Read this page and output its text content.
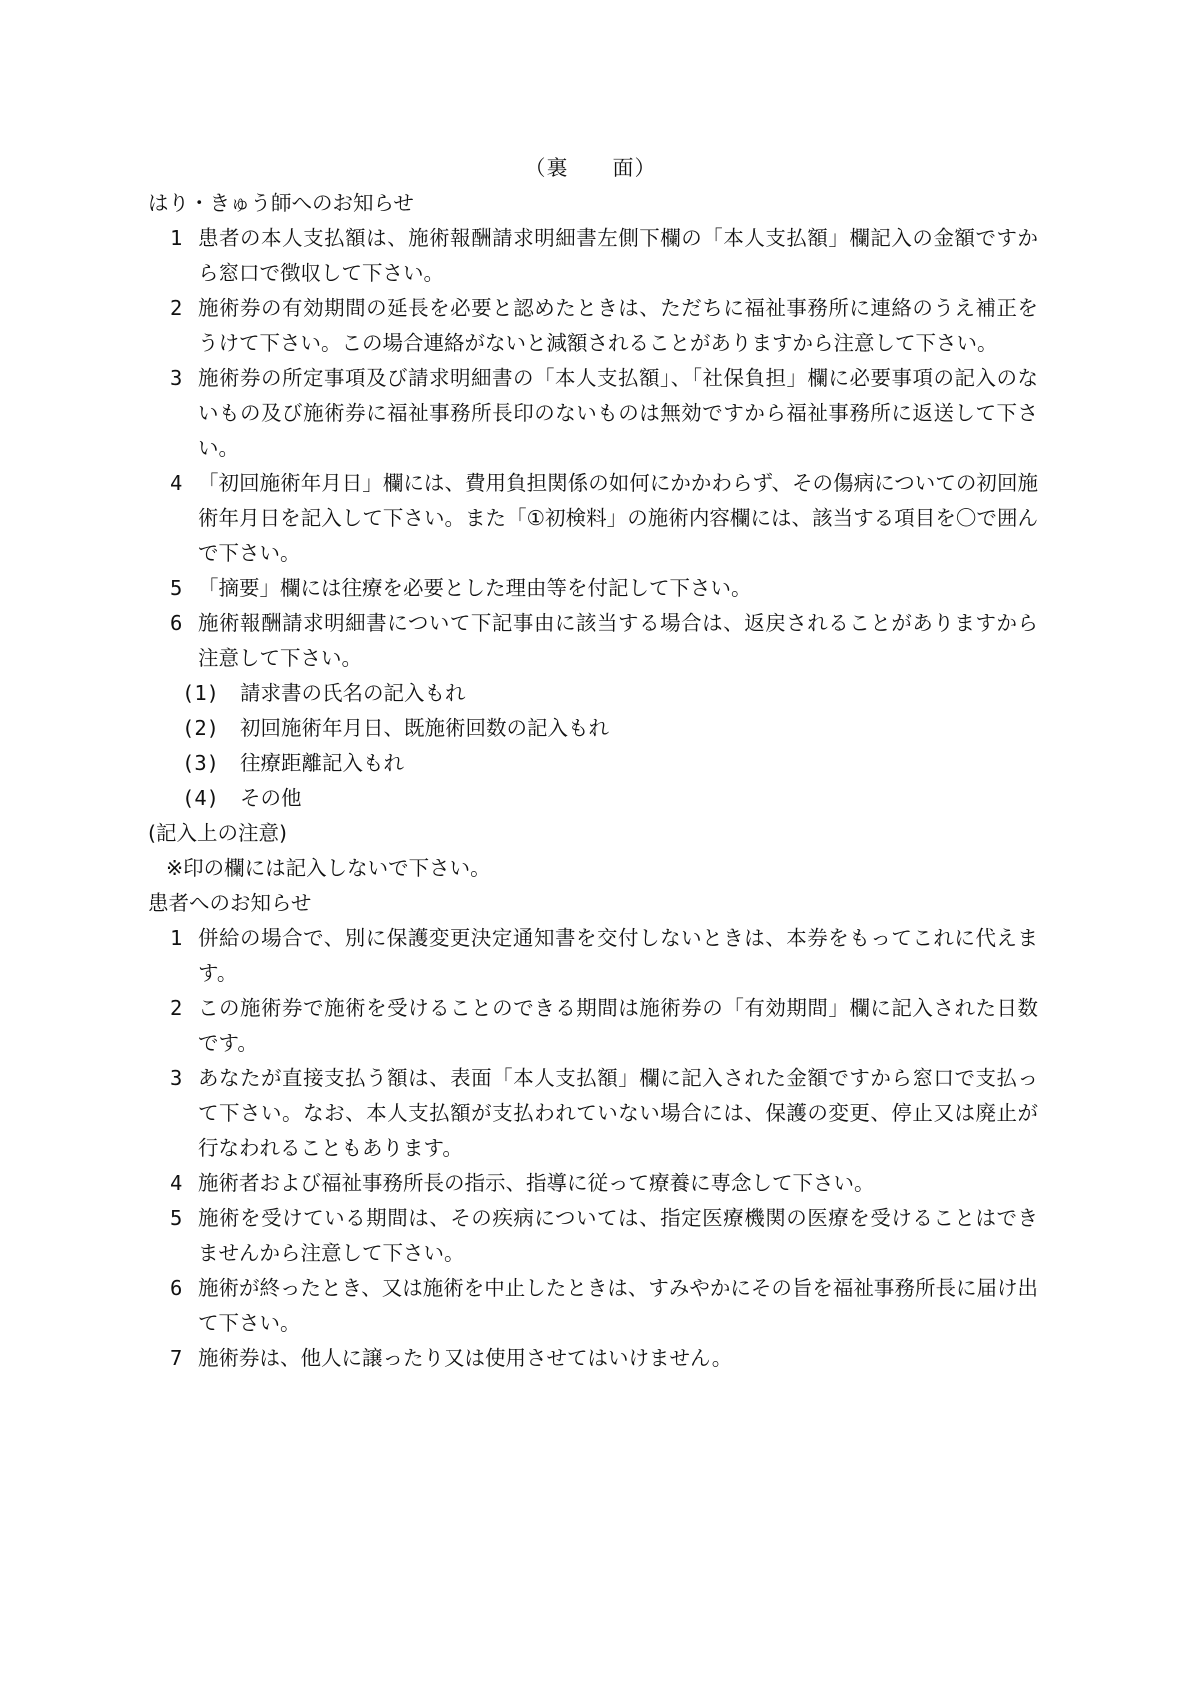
（裏　　面）
はり・きゅう師へのお知らせ
1 患者の本人支払額は、施術報酬請求明細書左側下欄の「本人支払額」欄記入の金額ですから窓口で徴収して下さい。
2 施術券の有効期間の延長を必要と認めたときは、ただちに福祉事務所に連絡のうえ補正をうけて下さい。この場合連絡がないと減額されることがありますから注意して下さい。
3 施術券の所定事項及び請求明細書の「本人支払額」、「社保負担」欄に必要事項の記入のないもの及び施術券に福祉事務所長印のないものは無効ですから福祉事務所に返送して下さい。
4 「初回施術年月日」欄には、費用負担関係の如何にかかわらず、その傷病についての初回施術年月日を記入して下さい。また「①初検料」の施術内容欄には、該当する項目を〇で囲んで下さい。
5 「摘要」欄には往療を必要とした理由等を付記して下さい。
6 施術報酬請求明細書について下記事由に該当する場合は、返戻されることがありますから注意して下さい。
(1)	請求書の氏名の記入もれ
(2)	初回施術年月日、既施術回数の記入もれ
(3)	往療距離記入もれ
(4)	その他
(記入上の注意)
※印の欄には記入しないで下さい。
患者へのお知らせ
1 併給の場合で、別に保護変更決定通知書を交付しないときは、本券をもってこれに代えます。
2 この施術券で施術を受けることのできる期間は施術券の「有効期間」欄に記入された日数です。
3 あなたが直接支払う額は、表面「本人支払額」欄に記入された金額ですから窓口で支払って下さい。なお、本人支払額が支払われていない場合には、保護の変更、停止又は廃止が行なわれることもあります。
4 施術者および福祉事務所長の指示、指導に従って療養に専念して下さい。
5 施術を受けている期間は、その疾病については、指定医療機関の医療を受けることはできませんから注意して下さい。
6 施術が終ったとき、又は施術を中止したときは、すみやかにその旨を福祉事務所長に届け出て下さい。
7 施術券は、他人に譲ったり又は使用させてはいけません。
